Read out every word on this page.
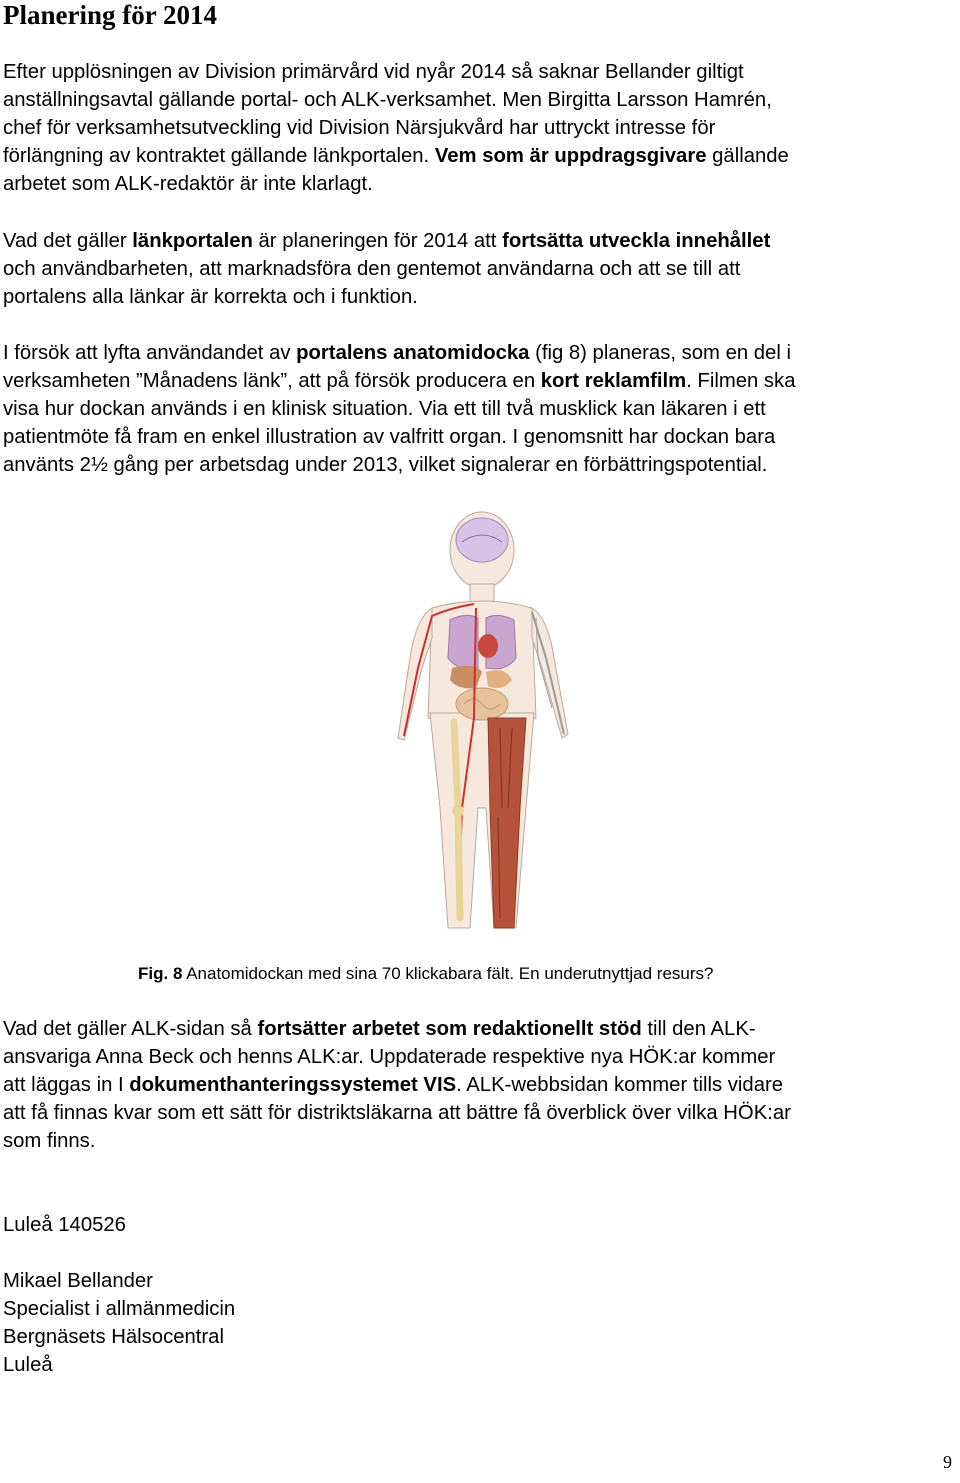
Planering för 2014
Efter upplösningen av Division primärvård vid nyår 2014 så saknar Bellander giltigt
anställningsavtal gällande portal- och ALK-verksamhet. Men Birgitta Larsson Hamrén,
chef för verksamhetsutveckling vid Division Närsjukvård har uttryckt intresse för
förlängning av kontraktet gällande länkportalen. Vem som är uppdragsgivare gällande
arbetet som ALK-redaktör är inte klarlagt.
Vad det gäller länkportalen är planeringen för 2014 att fortsätta utveckla innehållet
och användbarheten, att marknadsföra den gentemot användarna och att se till att
portalens alla länkar är korrekta och i funktion.
I försök att lyfta användandet av portalens anatomidocka (fig 8) planeras, som en del i
verksamheten ”Månadens länk”, att på försök producera en kort reklamfilm. Filmen ska
visa hur dockan används i en klinisk situation. Via ett till två musklick kan läkaren i ett
patientmöte få fram en enkel illustration av valfritt organ. I genomsnitt har dockan bara
använts 2½ gång per arbetsdag under 2013, vilket signalerar en förbättringspotential.
Fig. 8 Anatomidockan med sina 70 klickabara fält. En underutnyttjad resurs?
Vad det gäller ALK-sidan så fortsätter arbetet som redaktionellt stöd till den ALK-
ansvariga Anna Beck och henns ALK:ar. Uppdaterade respektive nya HÖK:ar kommer
att läggas in I dokumenthanteringssystemet VIS. ALK-webbsidan kommer tills vidare
att få finnas kvar som ett sätt för distriktsläkarna att bättre få överblick över vilka HÖK:ar
som finns.
Luleå 140526
Mikael Bellander
Specialist i allmänmedicin
Bergnäsets Hälsocentral
Luleå
9
